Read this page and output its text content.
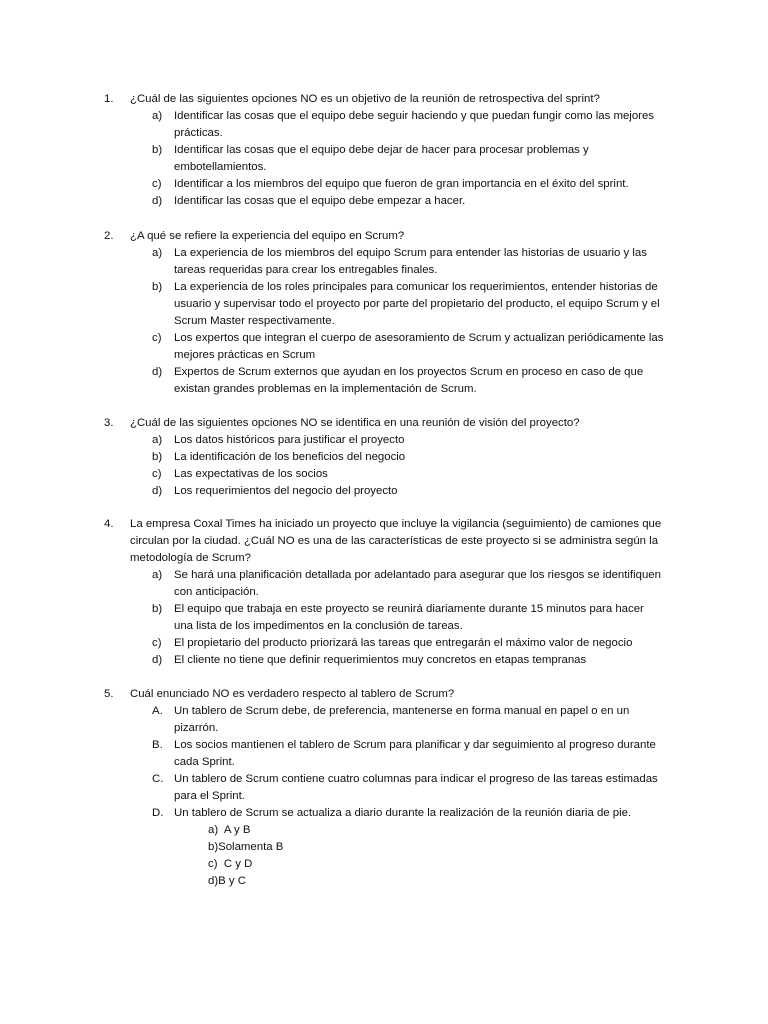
1. ¿Cuál de las siguientes opciones NO es un objetivo de la reunión de retrospectiva del sprint?
a) Identificar las cosas que el equipo debe seguir haciendo y que puedan fungir como las mejores prácticas.
b) Identificar las cosas que el equipo debe dejar de hacer para procesar problemas y embotellamientos.
c) Identificar a los miembros del equipo que fueron de gran importancia en el éxito del sprint.
d) Identificar las cosas que el equipo debe empezar a hacer.
2. ¿A qué se refiere la experiencia del equipo en Scrum?
a) La experiencia de los miembros del equipo Scrum para entender las historias de usuario y las tareas requeridas para crear los entregables finales.
b) La experiencia de los roles principales para comunicar los requerimientos, entender historias de usuario y supervisar todo el proyecto por parte del propietario del producto, el equipo Scrum y el Scrum Master respectivamente.
c) Los expertos que integran el cuerpo de asesoramiento de Scrum y actualizan periódicamente las mejores prácticas en Scrum
d) Expertos de Scrum externos que ayudan en los proyectos Scrum en proceso en caso de que existan grandes problemas en la implementación de Scrum.
3. ¿Cuál de las siguientes opciones NO se identifica en una reunión de visión del proyecto?
a) Los datos históricos para justificar el proyecto
b) La identificación de los beneficios del negocio
c) Las expectativas de los socios
d) Los requerimientos del negocio del proyecto
4. La empresa Coxal Times ha iniciado un proyecto que incluye la vigilancia (seguimiento) de camiones que circulan por la ciudad. ¿Cuál NO es una de las características de este proyecto si se administra según la metodología de Scrum?
a) Se hará una planificación detallada por adelantado para asegurar que los riesgos se identifiquen con anticipación.
b) El equipo que trabaja en este proyecto se reunirá diariamente durante 15 minutos para hacer una lista de los impedimentos en la conclusión de tareas.
c) El propietario del producto priorizará las tareas que entregarán el máximo valor de negocio
d) El cliente no tiene que definir requerimientos muy concretos en etapas tempranas
5. Cuál enunciado NO es verdadero respecto al tablero de Scrum?
A. Un tablero de Scrum debe, de preferencia, mantenerse en forma manual en papel o en un pizarrón.
B. Los socios mantienen el tablero de Scrum para planificar y dar seguimiento al progreso durante cada Sprint.
C. Un tablero de Scrum contiene cuatro columnas para indicar el progreso de las tareas estimadas para el Sprint.
D. Un tablero de Scrum se actualiza a diario durante la realización de la reunión diaria de pie.
a)  A y B
b)Solamenta B
c)  C y D
d)B y C
